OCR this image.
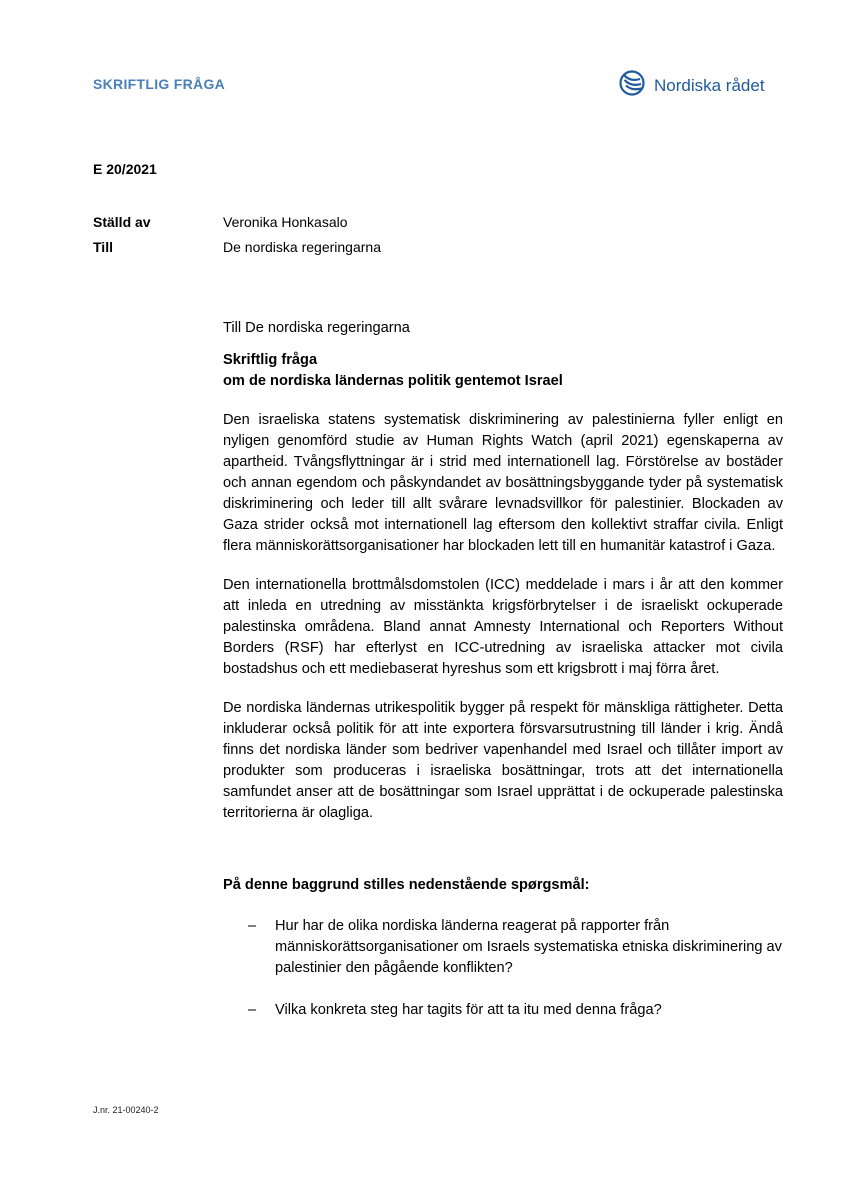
SKRIFTLIG FRÅGA	Nordiska rådet
E 20/2021
Ställd av	Veronika Honkasalo
Till	De nordiska regeringarna

Till De nordiska regeringarna

Skriftlig fråga
om de nordiska ländernas politik gentemot Israel

Den israeliska statens systematisk diskriminering av palestinierna fyller enligt en nyligen genomförd studie av Human Rights Watch (april 2021) egenskaperna av apartheid. Tvångsflyttningar är i strid med internationell lag. Förstörelse av bostäder och annan egendom och påskyndandet av bosättningsbyggande tyder på systematisk diskriminering och leder till allt svårare levnadsvillkor för palestinier. Blockaden av Gaza strider också mot internationell lag eftersom den kollektivt straffar civila. Enligt flera människorättsorganisationer har blockaden lett till en humanitär katastrof i Gaza.

Den internationella brottmålsdomstolen (ICC) meddelade i mars i år att den kommer att inleda en utredning av misstänkta krigsförbrytelser i de israeliskt ockuperade palestinska områdena. Bland annat Amnesty International och Reporters Without Borders (RSF) har efterlyst en ICC-utredning av israeliska attacker mot civila bostadshus och ett mediebaserat hyreshus som ett krigsbrott i maj förra året.

De nordiska ländernas utrikespolitik bygger på respekt för mänskliga rättigheter. Detta inkluderar också politik för att inte exportera försvarsutrustning till länder i krig. Ändå finns det nordiska länder som bedriver vapenhandel med Israel och tillåter import av produkter som produceras i israeliska bosättningar, trots att det internationella samfundet anser att de bosättningar som Israel upprättat i de ockuperade palestinska territorierna är olagliga.

På denne baggrund stilles nedenstående spørgsmål:

– Hur har de olika nordiska länderna reagerat på rapporter från människorättsorganisationer om Israels systematiska etniska diskriminering av palestinier den pågående konflikten?
– Vilka konkreta steg har tagits för att ta itu med denna fråga?
J.nr. 21-00240-2
